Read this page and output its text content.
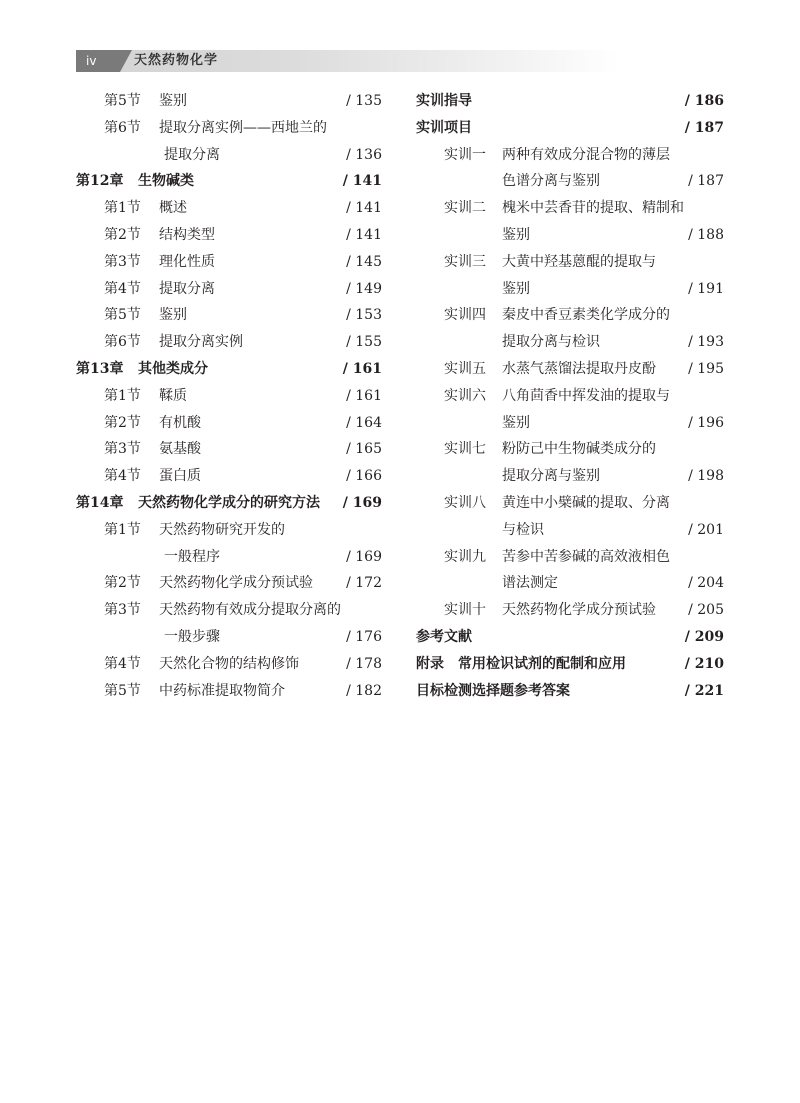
iv	天然药物化学
第5节 鉴别	/ 135
第6节 提取分离实例——西地兰的
提取分离	/ 136
第12章 生物碱类	/ 141
第1节 概述	/ 141
第2节 结构类型	/ 141
第3节 理化性质	/ 145
第4节 提取分离	/ 149
第5节 鉴别	/ 153
第6节 提取分离实例	/ 155
第13章 其他类成分	/ 161
第1节 鞣质	/ 161
第2节 有机酸	/ 164
第3节 氨基酸	/ 165
第4节 蛋白质	/ 166
第14章 天然药物化学成分的研究方法 / 169
第1节 天然药物研究开发的
一般程序	/ 169
第2节 天然药物化学成分预试验 / 172
第3节 天然药物有效成分提取分离的
一般步骤	/ 176
第4节 天然化合物的结构修饰	/ 178
第5节 中药标准提取物简介	/ 182
实训指导	/ 186
实训项目	/ 187
实训一 两种有效成分混合物的薄层
色谱分离与鉴别	/ 187
实训二 槐米中芸香苷的提取、精制和
鉴别	/ 188
实训三 大黄中羟基蒽醌的提取与
鉴别	/ 191
实训四 秦皮中香豆素类化学成分的
提取分离与检识	/ 193
实训五 水蒸气蒸馏法提取丹皮酚 / 195
实训六 八角茴香中挥发油的提取与
鉴别	/ 196
实训七 粉防己中生物碱类成分的
提取分离与鉴别	/ 198
实训八 黄连中小檗碱的提取、分离
与检识	/ 201
实训九 苦参中苦参碱的高效液相色
谱法测定	/ 204
实训十 天然药物化学成分预试验 / 205
参考文献	/ 209
附录　常用检识试剂的配制和应用	/ 210
目标检测选择题参考答案	/ 221
